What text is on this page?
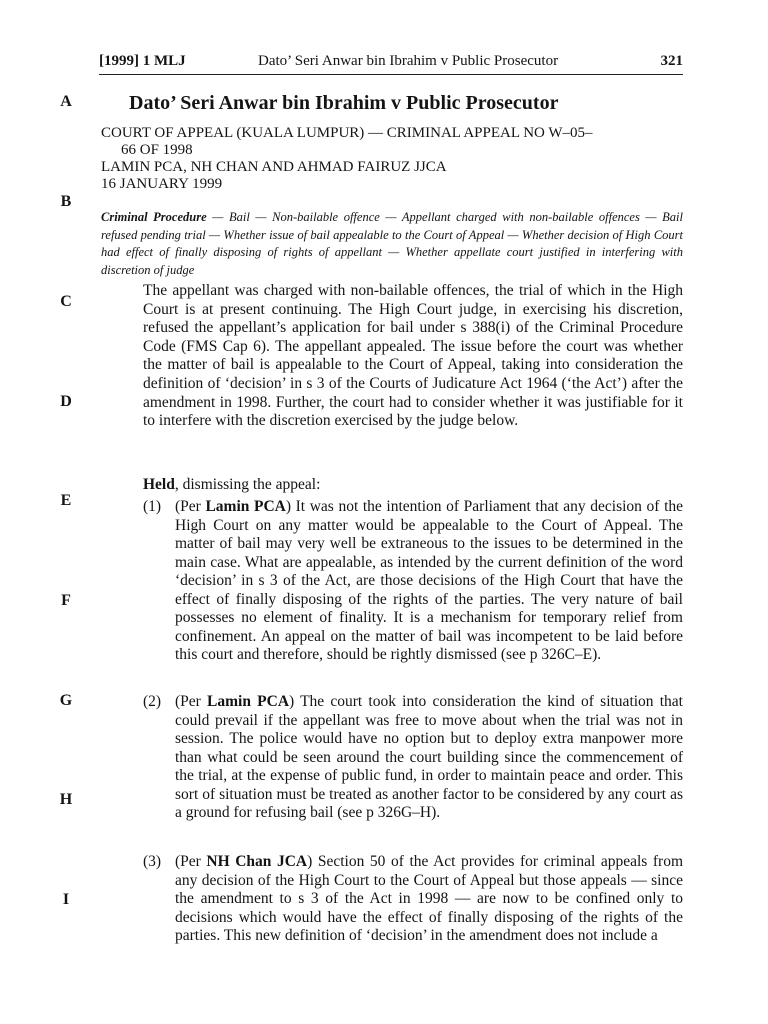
[1999] 1 MLJ	Dato’ Seri Anwar bin Ibrahim v Public Prosecutor	321
A
B
C
D
E
F
G
H
I
Dato’ Seri Anwar bin Ibrahim v Public Prosecutor
COURT OF APPEAL (KUALA LUMPUR) — CRIMINAL APPEAL NO W–05–
66 OF 1998
LAMIN PCA, NH CHAN AND AHMAD FAIRUZ JJCA
16 JANUARY 1999
Criminal Procedure — Bail — Non-bailable offence — Appellant charged with non-bailable offences — Bail refused pending trial — Whether issue of bail appealable to the Court of Appeal — Whether decision of High Court had effect of finally disposing of rights of appellant — Whether appellate court justified in interfering with discretion of judge
The appellant was charged with non-bailable offences, the trial of which in the High Court is at present continuing. The High Court judge, in exercising his discretion, refused the appellant’s application for bail under s 388(i) of the Criminal Procedure Code (FMS Cap 6). The appellant appealed. The issue before the court was whether the matter of bail is appealable to the Court of Appeal, taking into consideration the definition of ‘decision’ in s 3 of the Courts of Judicature Act 1964 (‘the Act’) after the amendment in 1998. Further, the court had to consider whether it was justifiable for it to interfere with the discretion exercised by the judge below.
Held, dismissing the appeal:
(1) (Per Lamin PCA) It was not the intention of Parliament that any decision of the High Court on any matter would be appealable to the Court of Appeal. The matter of bail may very well be extraneous to the issues to be determined in the main case. What are appealable, as intended by the current definition of the word ‘decision’ in s 3 of the Act, are those decisions of the High Court that have the effect of finally disposing of the rights of the parties. The very nature of bail possesses no element of finality. It is a mechanism for temporary relief from confinement. An appeal on the matter of bail was incompetent to be laid before this court and therefore, should be rightly dismissed (see p 326C–E).
(2) (Per Lamin PCA) The court took into consideration the kind of situation that could prevail if the appellant was free to move about when the trial was not in session. The police would have no option but to deploy extra manpower more than what could be seen around the court building since the commencement of the trial, at the expense of public fund, in order to maintain peace and order. This sort of situation must be treated as another factor to be considered by any court as a ground for refusing bail (see p 326G–H).
(3) (Per NH Chan JCA) Section 50 of the Act provides for criminal appeals from any decision of the High Court to the Court of Appeal but those appeals — since the amendment to s 3 of the Act in 1998 — are now to be confined only to decisions which would have the effect of finally disposing of the rights of the parties. This new definition of ‘decision’ in the amendment does not include a
